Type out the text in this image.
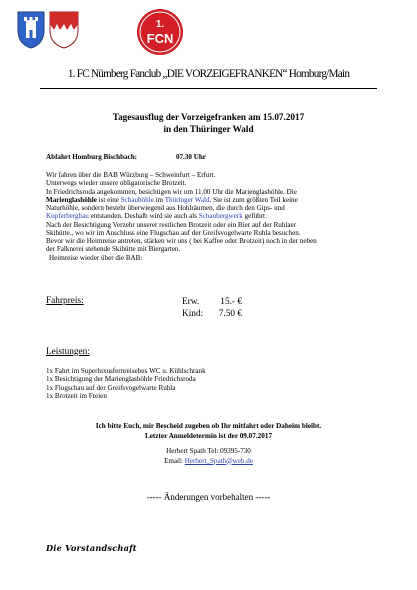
1.
FCN
1. FC Nürnberg Fanclub „DIE VORZEIGEFRANKEN“ Homburg/Main
Tagesausflug der Vorzeigefranken am 15.07.2017
in den Thüringer Wald
Abfahrt Homburg Bischbach:	07.30 Uhr
Wir fahren über die BAB Würzburg – Schweinfurt – Erfurt.
Unterwegs wieder unsere obligatorische Brotzeit.
In Friedrichsroda angekommen, besichtigen wir um 11.00 Uhr die Marienglashöhle. Die
Marienglashöhle ist eine Schauhöhle im Thüringer Wald. Sie ist zum größten Teil keine
Naturhöhle, sondern besteht überwiegend aus Hohlräumen, die durch den Gips- und
Kupferbergbau entstanden. Deshalb wird sie auch als Schaubergwerk geführt.
Nach der Besichtigung Verzehr unserer restlichen Brotzeit oder ein Bier auf der Ruhlaer
Skihütte., wo wir im Anschluss eine Flugschau auf der Greifsvogelwarte Ruhla besuchen.
Bevor wir die Heimreise antreten, stärken wir uns ( bei Kaffee oder Brotzeit) noch in der neben
der Falknerei stehende Skihütte mit Biergarten.
Heimreise wieder über die BAB:
Fahrpreis:	Erw. 15.- €
Kind: 7.50 €
Leistungen:
1x Fahrt im Superluxusfernreisebus WC u. Kühlschrank
1x Besichtigung der Marienglashöhle Friedrichsroda
1x Flugschau auf der Greifsvogelwarte Ruhla
1x Brotzeit im Freien
Ich bitte Euch, mir Bescheid zugeben ob Ihr mitfahrt oder Daheim bleibt.
Letzter Anmeldetermin ist der 09.07.2017
Herbert Spath Tel: 09395-730
Email: Herbert_Spath@web.de
----- Änderungen vorbehalten -----
Die Vorstandschaft
